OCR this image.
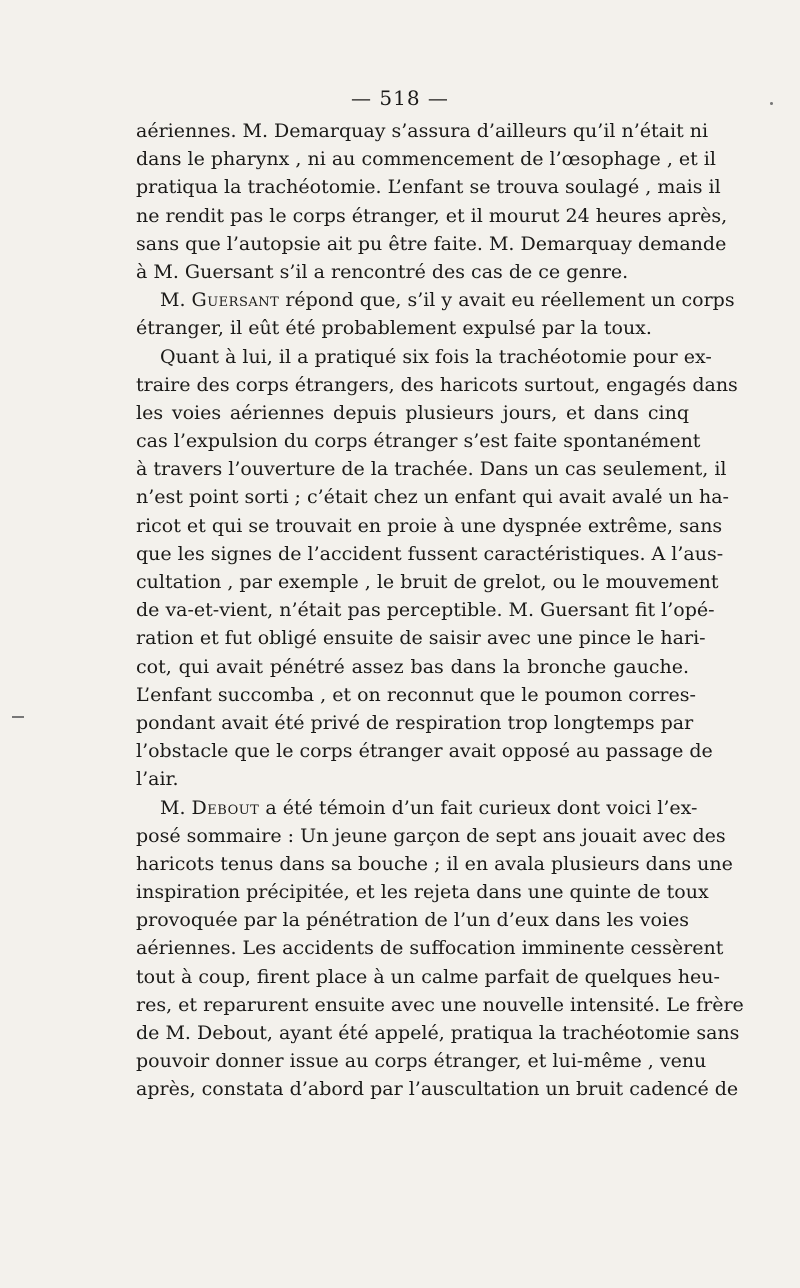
— 518 —
aériennes. M. Demarquay s’assura d’ailleurs qu’il n’était ni
dans le pharynx , ni au commencement de l’œsophage , et il
pratiqua la trachéotomie. L’enfant se trouva soulagé , mais il
ne rendit pas le corps étranger, et il mourut 24 heures après,
sans que l’autopsie ait pu être faite. M. Demarquay demande
à M. Guersant s’il a rencontré des cas de ce genre.
M. Guersant répond que, s’il y avait eu réellement un corps
étranger, il eût été probablement expulsé par la toux.
Quant à lui, il a pratiqué six fois la trachéotomie pour ex-
traire des corps étrangers, des haricots surtout, engagés dans
les voies aériennes depuis plusieurs jours, et dans cinq
cas l’expulsion du corps étranger s’est faite spontanément
à travers l’ouverture de la trachée. Dans un cas seulement, il
n’est point sorti ; c’était chez un enfant qui avait avalé un ha-
ricot et qui se trouvait en proie à une dyspnée extrême, sans
que les signes de l’accident fussent caractéristiques. A l’aus-
cultation , par exemple , le bruit de grelot, ou le mouvement
de va-et-vient, n’était pas perceptible. M. Guersant fit l’opé-
ration et fut obligé ensuite de saisir avec une pince le hari-
cot, qui avait pénétré assez bas dans la bronche gauche.
L’enfant succomba , et on reconnut que le poumon corres-
pondant avait été privé de respiration trop longtemps par
l’obstacle que le corps étranger avait opposé au passage de
l’air.
M. Debout a été témoin d’un fait curieux dont voici l’ex-
posé sommaire : Un jeune garçon de sept ans jouait avec des
haricots tenus dans sa bouche ; il en avala plusieurs dans une
inspiration précipitée, et les rejeta dans une quinte de toux
provoquée par la pénétration de l’un d’eux dans les voies
aériennes. Les accidents de suffocation imminente cessèrent
tout à coup, firent place à un calme parfait de quelques heu-
res, et reparurent ensuite avec une nouvelle intensité. Le frère
de M. Debout, ayant été appelé, pratiqua la trachéotomie sans
pouvoir donner issue au corps étranger, et lui-même , venu
après, constata d’abord par l’auscultation un bruit cadencé de
